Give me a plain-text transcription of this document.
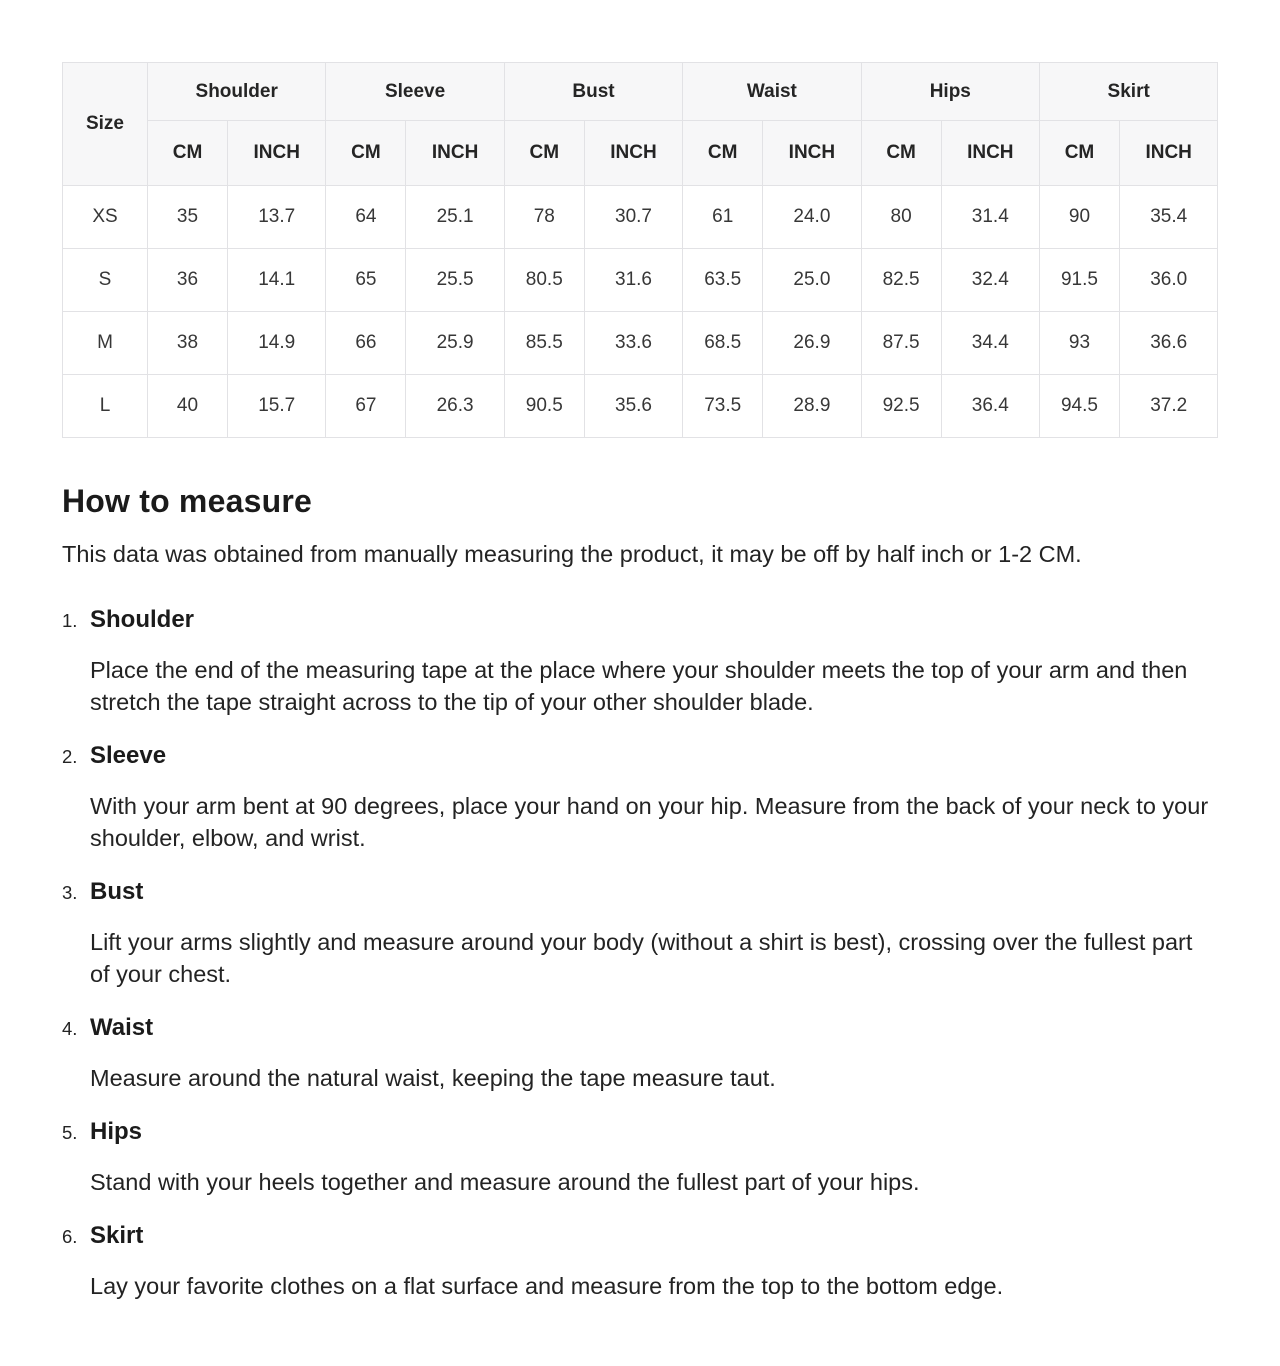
Size	Shoulder		Sleeve		Bust		Waist		Hips		Skirt	
	CM	INCH	CM	INCH	CM	INCH	CM	INCH	CM	INCH	CM	INCH
XS	35	13.7	64	25.1	78	30.7	61	24.0	80	31.4	90	35.4
S	36	14.1	65	25.5	80.5	31.6	63.5	25.0	82.5	32.4	91.5	36.0
M	38	14.9	66	25.9	85.5	33.6	68.5	26.9	87.5	34.4	93	36.6
L	40	15.7	67	26.3	90.5	35.6	73.5	28.9	92.5	36.4	94.5	37.2
How to measure

This data was obtained from manually measuring the product, it may be off by half inch or 1-2 CM.

1. Shoulder

Place the end of the measuring tape at the place where your shoulder meets the top of your arm and then stretch the tape straight across to the tip of your other shoulder blade.

2. Sleeve

With your arm bent at 90 degrees, place your hand on your hip. Measure from the back of your neck to your shoulder, elbow, and wrist.

3. Bust

Lift your arms slightly and measure around your body (without a shirt is best), crossing over the fullest part of your chest.

4. Waist

Measure around the natural waist, keeping the tape measure taut.

5. Hips

Stand with your heels together and measure around the fullest part of your hips.

6. Skirt

Lay your favorite clothes on a flat surface and measure from the top to the bottom edge.
